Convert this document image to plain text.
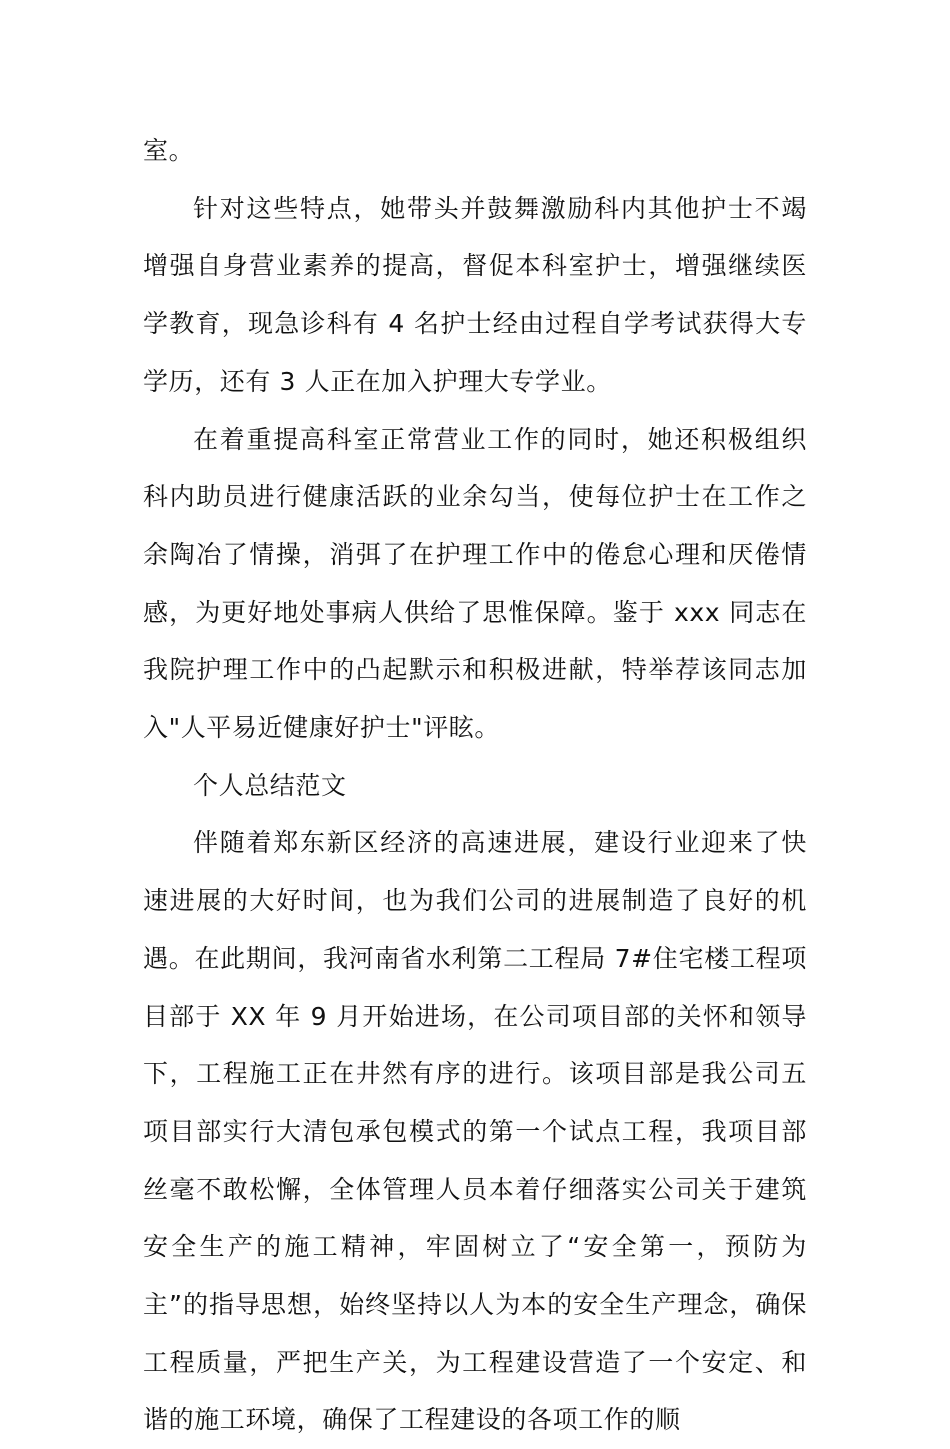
室。

针对这些特点，她带头并鼓舞激励科内其他护士不竭增强自身营业素养的提高，督促本科室护士，增强继续医学教育，现急诊科有 4 名护士经由过程自学考试获得大专学历，还有 3 人正在加入护理大专学业。

在着重提高科室正常营业工作的同时，她还积极组织科内助员进行健康活跃的业余勾当，使每位护士在工作之余陶冶了情操，消弭了在护理工作中的倦怠心理和厌倦情感，为更好地处事病人供给了思惟保障。鉴于 xxx 同志在我院护理工作中的凸起默示和积极进献，特举荐该同志加入"人平易近健康好护士"评眩。

个人总结范文

伴随着郑东新区经济的高速进展，建设行业迎来了快速进展的大好时间，也为我们公司的进展制造了良好的机遇。在此期间，我河南省水利第二工程局 7#住宅楼工程项目部于 XX 年 9 月开始进场，在公司项目部的关怀和领导下，工程施工正在井然有序的进行。该项目部是我公司五项目部实行大清包承包模式的第一个试点工程，我项目部丝毫不敢松懈，全体管理人员本着仔细落实公司关于建筑安全生产的施工精神，牢固树立了“安全第一，预防为主”的指导思想，始终坚持以人为本的安全生产理念，确保工程质量，严把生产关，为工程建设营造了一个安定、和谐的施工环境，确保了工程建设的各项工作的顺
